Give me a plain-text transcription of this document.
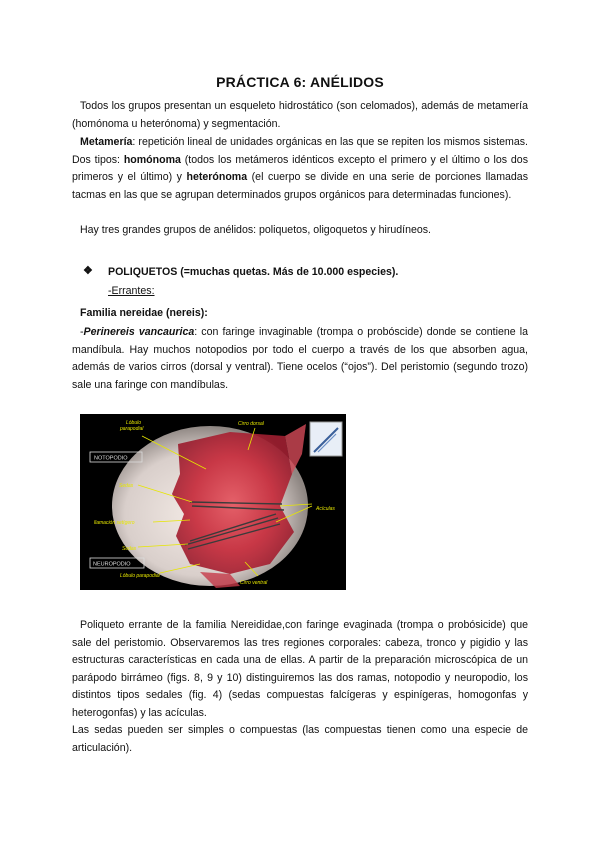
PRÁCTICA 6: ANÉLIDOS

Todos los grupos presentan un esqueleto hidrostático (son celomados), además de metamería (homónoma u heterónoma) y segmentación.

Metamería: repetición lineal de unidades orgánicas en las que se repiten los mismos sistemas. Dos tipos: homónoma (todos los metámeros idénticos excepto el primero y el último o los dos primeros y el último) y heterónoma (el cuerpo se divide en una serie de porciones llamadas tacmas en las que se agrupan determinados grupos orgánicos para determinadas funciones).

Hay tres grandes grupos de anélidos: poliquetos, oligoquetos y hirudíneos.

❖ POLIQUETOS (=muchas quetas. Más de 10.000 especies).
-Errantes:
Familia nereidae (nereis):

-Perinereis vancaurica: con faringe invaginable (trompa o probóscide) donde se contiene la mandíbula. Hay muchos notopodios por todo el cuerpo a través de los que absorben agua, además de varios cirros (dorsal y ventral). Tiene ocelos (“ojos”). Del peristomio (segundo trozo) sale una faringe con mandíbulas.

Lóbulo parapodial
Cirro dorsal
Sedas
Acículas
llamación setígero
Sedas
Lóbulo parapodial
Cirro ventral
NOTOPODIO
NEUROPODIO

Poliqueto errante de la familia Nereididae,con faringe evaginada (trompa o probósicide) que sale del peristomio. Observaremos las tres regiones corporales: cabeza, tronco y pigidio y las estructuras características en cada una de ellas. A partir de la preparación microscópica de un parápodo birrámeo (figs. 8, 9 y 10) distinguiremos las dos ramas, notopodio y neuropodio, los distintos tipos sedales (fig. 4) (sedas compuestas falcígeras y espinígeras, homogonfas y heterogonfas) y las acículas.

Las sedas pueden ser simples o compuestas (las compuestas tienen como una especie de articulación).
